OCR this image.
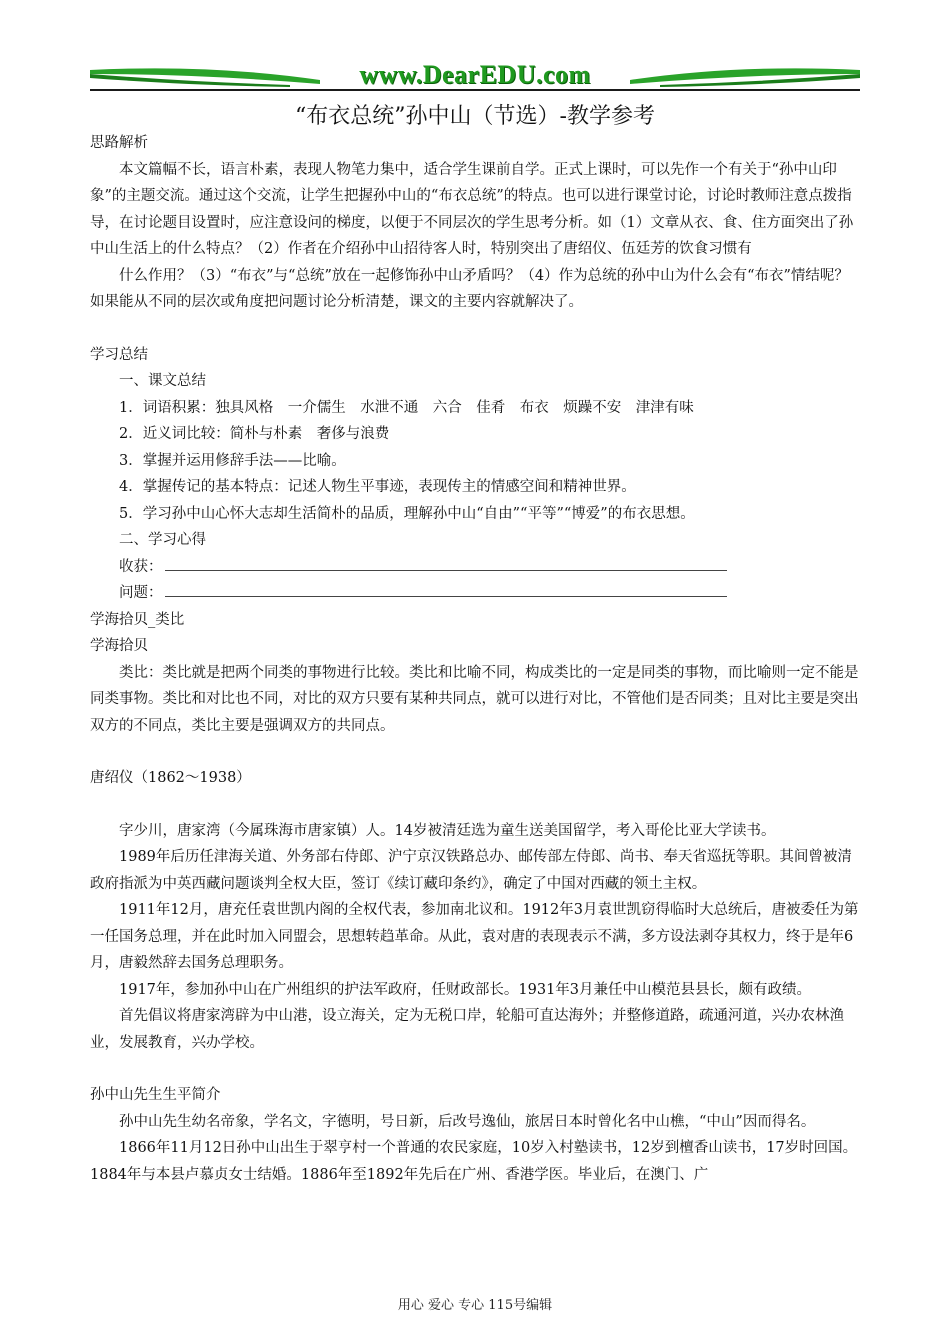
www.DearEDU.com
“布衣总统”孙中山（节选）-教学参考

思路解析

本文篇幅不长，语言朴素，表现人物笔力集中，适合学生课前自学。正式上课时，可以先作一个有关于“孙中山印象”的主题交流。通过这个交流，让学生把握孙中山的“布衣总统”的特点。也可以进行课堂讨论，讨论时教师注意点拨指导，在讨论题目设置时，应注意设问的梯度，以便于不同层次的学生思考分析。如（1）文章从衣、食、住方面突出了孙中山生活上的什么特点？（2）作者在介绍孙中山招待客人时，特别突出了唐绍仪、伍廷芳的饮食习惯有

什么作用？（3）“布衣”与“总统”放在一起修饰孙中山矛盾吗？（4）作为总统的孙中山为什么会有“布衣”情结呢？如果能从不同的层次或角度把问题讨论分析清楚，课文的主要内容就解决了。

学习总结

一、课文总结

1．词语积累：独具风格　一介儒生　水泄不通　六合　佳肴　布衣　烦躁不安　津津有味

2．近义词比较：简朴与朴素　奢侈与浪费

3．掌握并运用修辞手法——比喻。

4．掌握传记的基本特点：记述人物生平事迹，表现传主的情感空间和精神世界。

5．学习孙中山心怀大志却生活简朴的品质，理解孙中山“自由”“平等”“博爱”的布衣思想。

二、学习心得

收获：

问题：

学海拾贝_类比

学海拾贝

类比：类比就是把两个同类的事物进行比较。类比和比喻不同，构成类比的一定是同类的事物，而比喻则一定不能是同类事物。类比和对比也不同，对比的双方只要有某种共同点，就可以进行对比，不管他们是否同类；且对比主要是突出双方的不同点，类比主要是强调双方的共同点。

唐绍仪（1862～1938）

字少川，唐家湾（今属珠海市唐家镇）人。14岁被清廷选为童生送美国留学，考入哥伦比亚大学读书。

1989年后历任津海关道、外务部右侍郎、沪宁京汉铁路总办、邮传部左侍郎、尚书、奉天省巡抚等职。其间曾被清政府指派为中英西藏问题谈判全权大臣，签订《续订藏印条约》，确定了中国对西藏的领土主权。

1911年12月，唐充任袁世凯内阁的全权代表，参加南北议和。1912年3月袁世凯窃得临时大总统后，唐被委任为第一任国务总理，并在此时加入同盟会，思想转趋革命。从此，袁对唐的表现表示不满，多方设法剥夺其权力，终于是年6月，唐毅然辞去国务总理职务。

1917年，参加孙中山在广州组织的护法军政府，任财政部长。1931年3月兼任中山模范县县长，颇有政绩。

首先倡议将唐家湾辟为中山港，设立海关，定为无税口岸，轮船可直达海外；并整修道路，疏通河道，兴办农林渔业，发展教育，兴办学校。

孙中山先生生平简介

孙中山先生幼名帝象，学名文，字德明，号日新，后改号逸仙，旅居日本时曾化名中山樵，“中山”因而得名。

1866年11月12日孙中山出生于翠亨村一个普通的农民家庭，10岁入村塾读书，12岁到檀香山读书，17岁时回国。1884年与本县卢慕贞女士结婚。1886年至1892年先后在广州、香港学医。毕业后，在澳门、广

用心 爱心 专心 115号编辑
